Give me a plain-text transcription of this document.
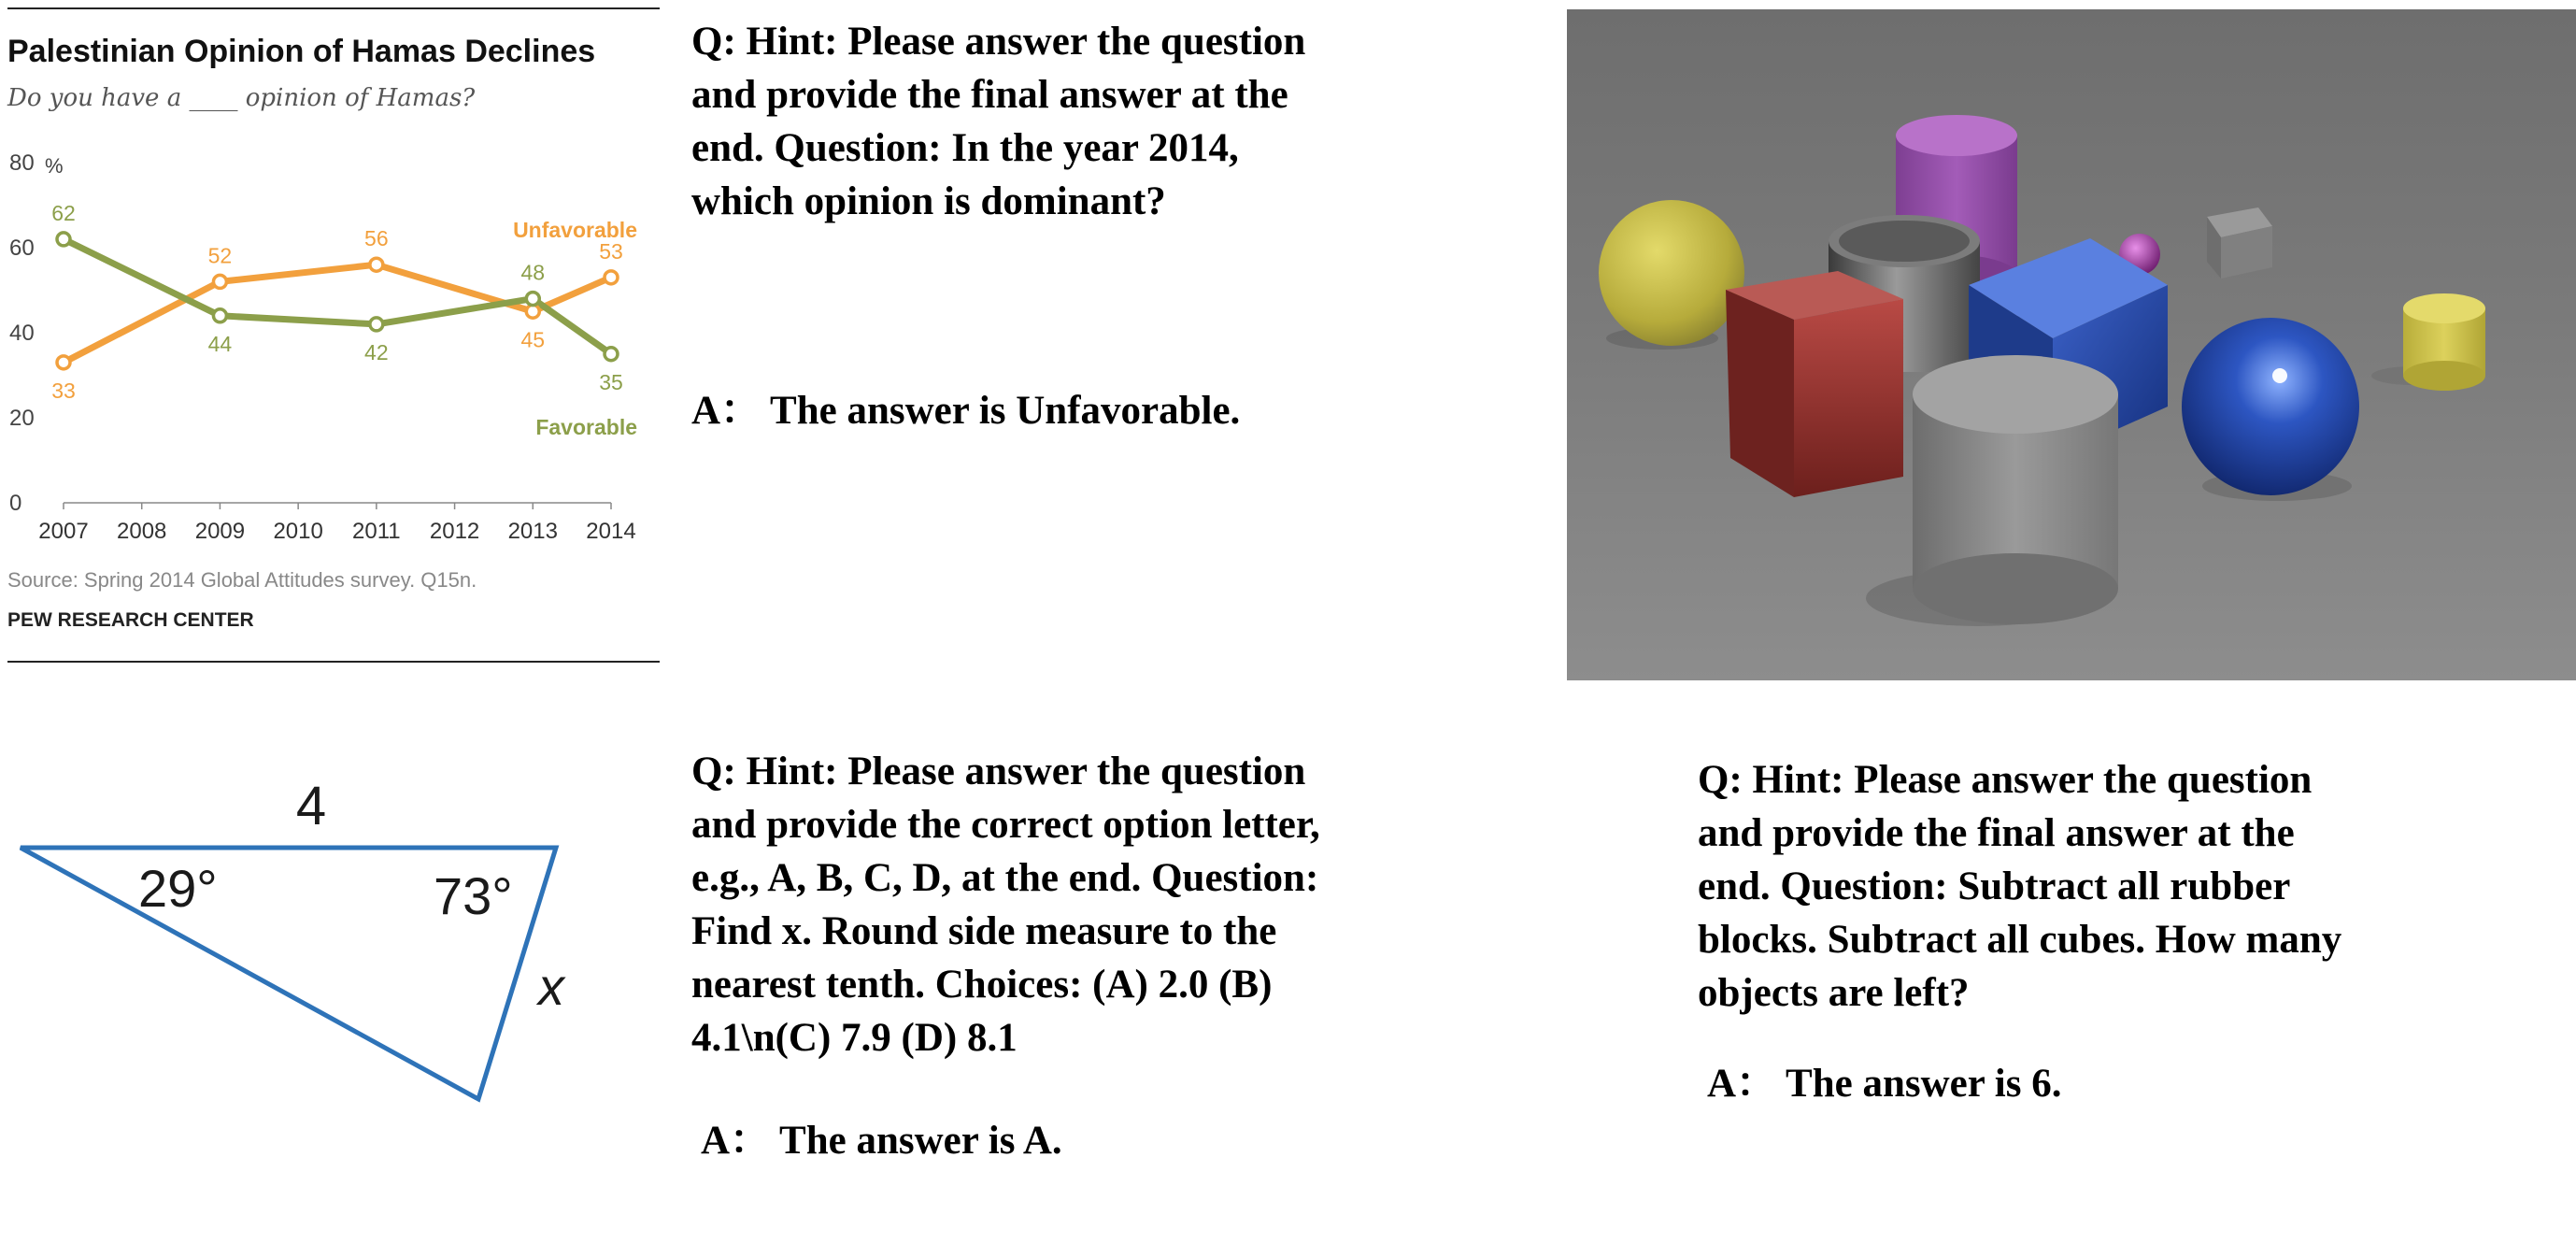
Palestinian Opinion of Hamas Declines
Do you have a ____ opinion of Hamas?
0
20
40
60
80 %
2007 2008 2009 2010 2011 2012 2013 2014
33
52
56
45
53
62
44	42
48
35
Unfavorable
Favorable
Source: Spring 2014 Global Attitudes survey. Q15n.
PEW RESEARCH CENTER
Q: Hint: Please answer the question
and provide the final answer at the
end. Question: In the year 2014,
which opinion is dominant?
A： The answer is Unfavorable.
4
29°	73°
x
Q: Hint: Please answer the question
and provide the correct option letter,
e.g., A, B, C, D, at the end. Question:
Find x. Round side measure to the
nearest tenth. Choices: (A) 2.0 (B)
4.1\n(C) 7.9 (D) 8.1
A： The answer is A.
Q: Hint: Please answer the question
and provide the final answer at the
end. Question: Subtract all rubber
blocks. Subtract all cubes. How many
objects are left?
A： The answer is 6.
